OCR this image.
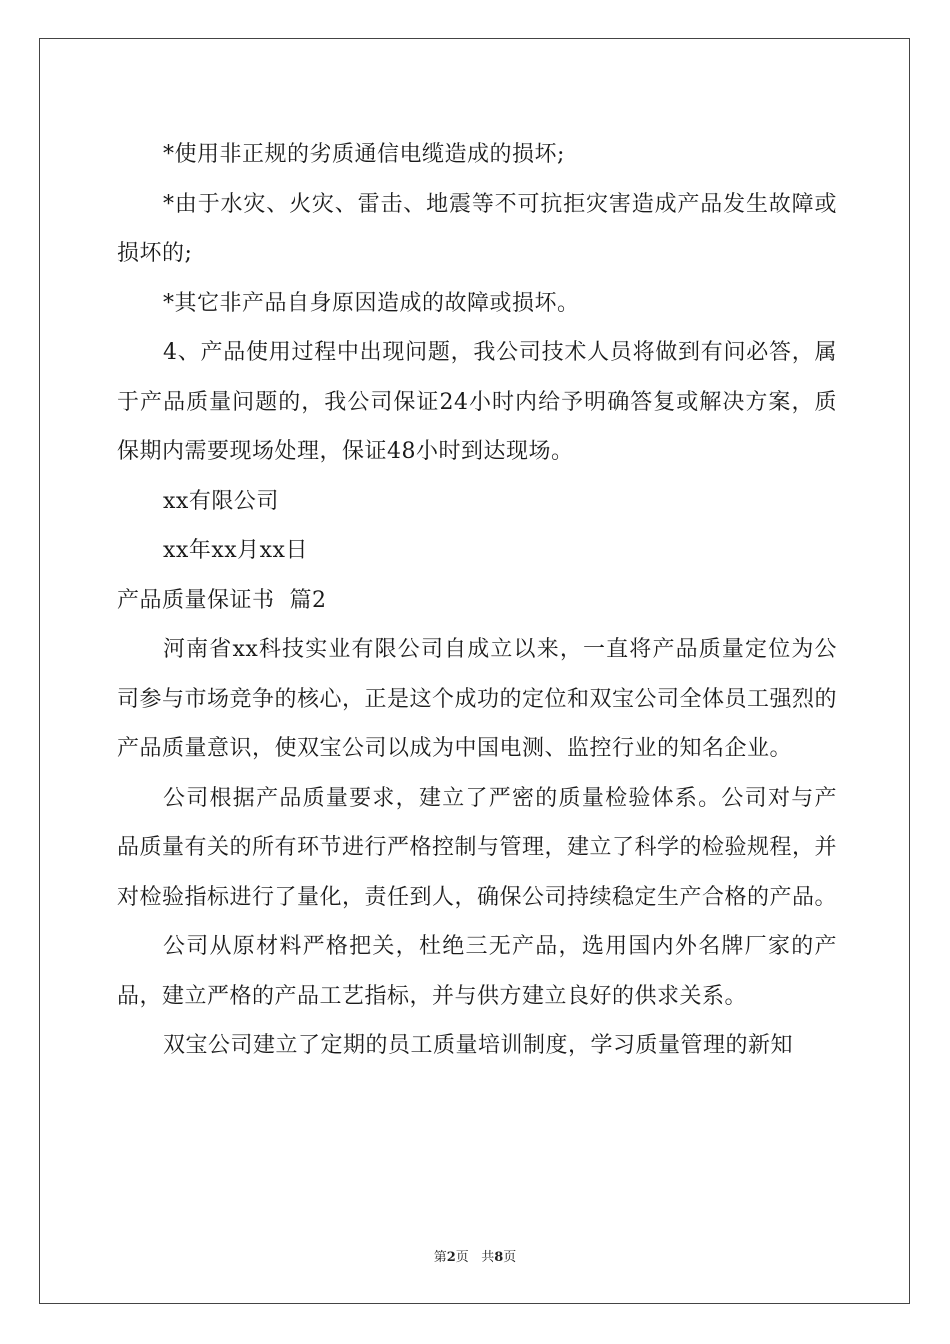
*使用非正规的劣质通信电缆造成的损坏;

*由于水灾、火灾、雷击、地震等不可抗拒灾害造成产品发生故障或损坏的;

*其它非产品自身原因造成的故障或损坏。

4、产品使用过程中出现问题，我公司技术人员将做到有问必答，属于产品质量问题的，我公司保证24小时内给予明确答复或解决方案，质保期内需要现场处理，保证48小时到达现场。

xx有限公司

xx年xx月xx日

产品质量保证书  篇2

河南省xx科技实业有限公司自成立以来，一直将产品质量定位为公司参与市场竞争的核心，正是这个成功的定位和双宝公司全体员工强烈的产品质量意识，使双宝公司以成为中国电测、监控行业的知名企业。

公司根据产品质量要求，建立了严密的质量检验体系。公司对与产品质量有关的所有环节进行严格控制与管理，建立了科学的检验规程，并对检验指标进行了量化，责任到人，确保公司持续稳定生产合格的产品。

公司从原材料严格把关，杜绝三无产品，选用国内外名牌厂家的产品，建立严格的产品工艺指标，并与供方建立良好的供求关系。

双宝公司建立了定期的员工质量培训制度，学习质量管理的新知

第2页 共8页
